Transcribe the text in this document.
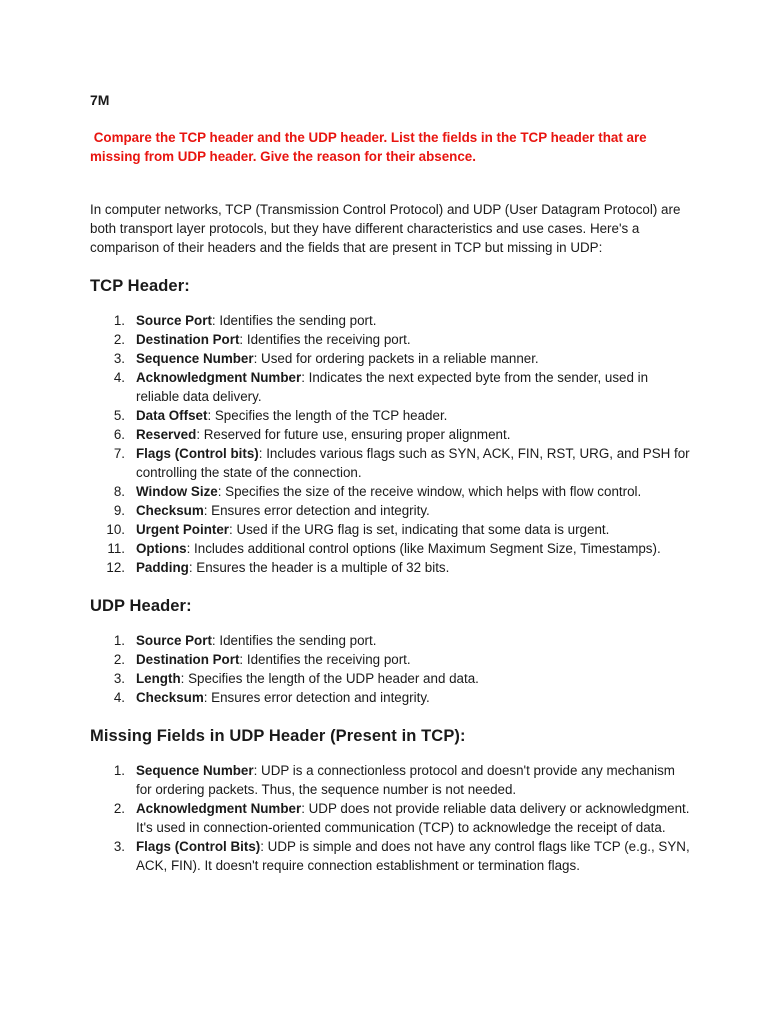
7M

Compare the TCP header and the UDP header. List the fields in the TCP header that are missing from UDP header. Give the reason for their absence.

In computer networks, TCP (Transmission Control Protocol) and UDP (User Datagram Protocol) are both transport layer protocols, but they have different characteristics and use cases. Here's a comparison of their headers and the fields that are present in TCP but missing in UDP:

TCP Header:
1. Source Port: Identifies the sending port.
2. Destination Port: Identifies the receiving port.
3. Sequence Number: Used for ordering packets in a reliable manner.
4. Acknowledgment Number: Indicates the next expected byte from the sender, used in reliable data delivery.
5. Data Offset: Specifies the length of the TCP header.
6. Reserved: Reserved for future use, ensuring proper alignment.
7. Flags (Control bits): Includes various flags such as SYN, ACK, FIN, RST, URG, and PSH for controlling the state of the connection.
8. Window Size: Specifies the size of the receive window, which helps with flow control.
9. Checksum: Ensures error detection and integrity.
10. Urgent Pointer: Used if the URG flag is set, indicating that some data is urgent.
11. Options: Includes additional control options (like Maximum Segment Size, Timestamps).
12. Padding: Ensures the header is a multiple of 32 bits.
UDP Header:
1. Source Port: Identifies the sending port.
2. Destination Port: Identifies the receiving port.
3. Length: Specifies the length of the UDP header and data.
4. Checksum: Ensures error detection and integrity.
Missing Fields in UDP Header (Present in TCP):
1. Sequence Number: UDP is a connectionless protocol and doesn't provide any mechanism for ordering packets. Thus, the sequence number is not needed.
2. Acknowledgment Number: UDP does not provide reliable data delivery or acknowledgment. It's used in connection-oriented communication (TCP) to acknowledge the receipt of data.
3. Flags (Control Bits): UDP is simple and does not have any control flags like TCP (e.g., SYN, ACK, FIN). It doesn't require connection establishment or termination flags.
